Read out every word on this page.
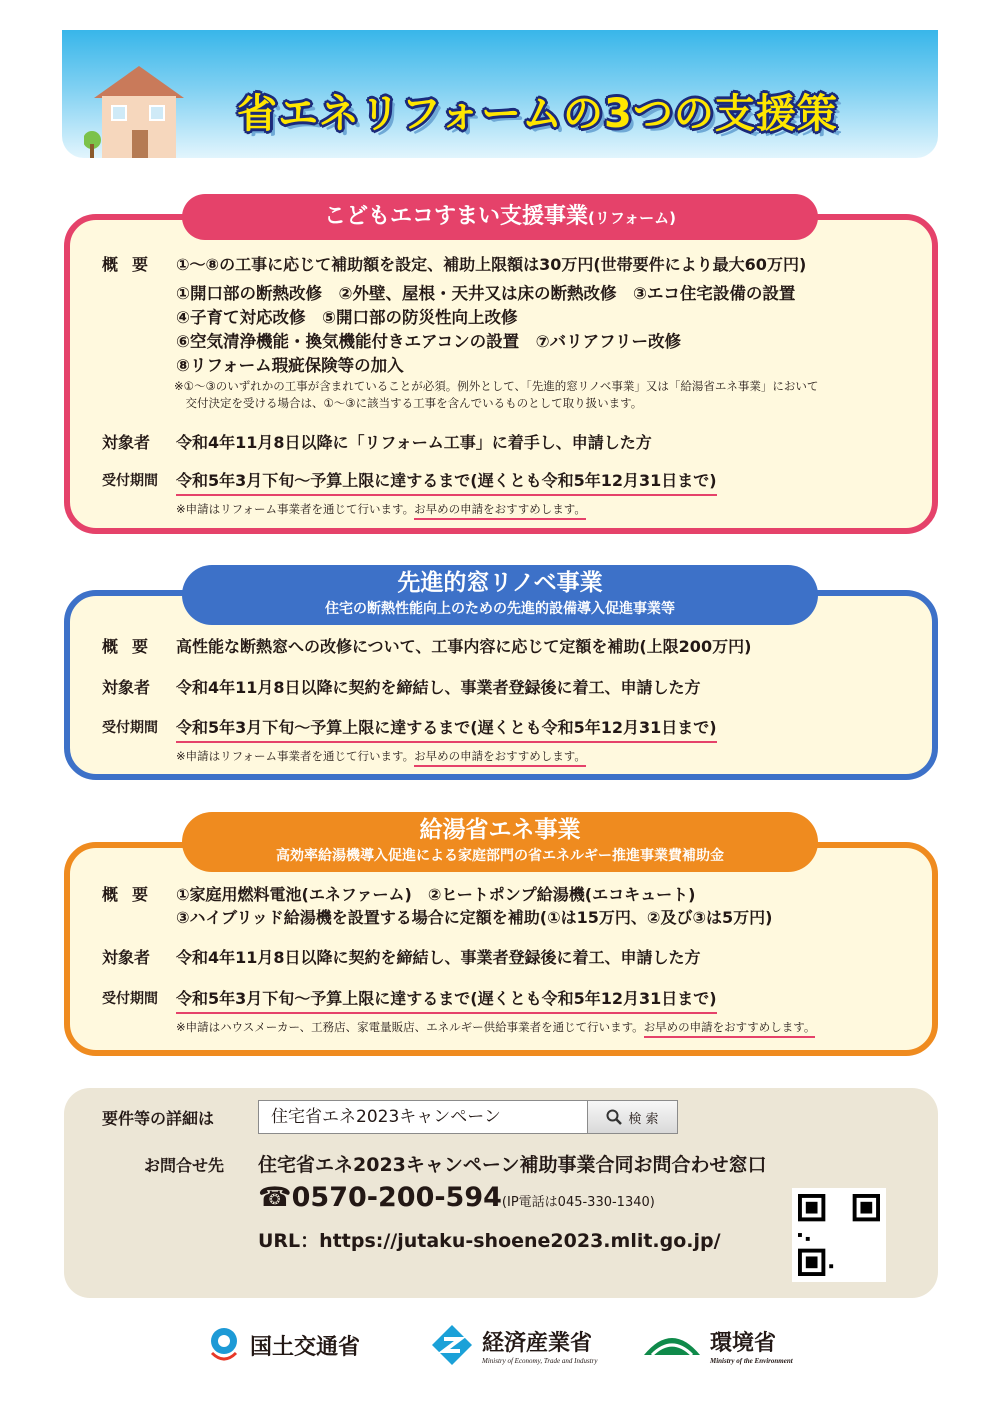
省エネリフォームの3つの支援策
こどもエコすまい支援事業(リフォーム)
概要 ①〜⑧の工事に応じて補助額を設定、補助上限額は30万円(世帯要件により最大60万円)
①開口部の断熱改修　②外壁、屋根・天井又は床の断熱改修　③エコ住宅設備の設置
④子育て対応改修　⑤開口部の防災性向上改修
⑥空気清浄機能・換気機能付きエアコンの設置　⑦バリアフリー改修
⑧リフォーム瑕疵保険等の加入
※①〜③のいずれかの工事が含まれていることが必須。例外として、「先進的窓リノベ事業」又は「給湯省エネ事業」において
　交付決定を受ける場合は、①〜③に該当する工事を含んでいるものとして取り扱います。
対象者	令和4年11月8日以降に「リフォーム工事」に着手し、申請した方
受付期間	令和5年3月下旬〜予算上限に達するまで(遅くとも令和5年12月31日まで)
※申請はリフォーム事業者を通じて行います。お早めの申請をおすすめします。
先進的窓リノベ事業
住宅の断熱性能向上のための先進的設備導入促進事業等
概要 高性能な断熱窓への改修について、工事内容に応じて定額を補助(上限200万円)
対象者	令和4年11月8日以降に契約を締結し、事業者登録後に着工、申請した方
受付期間	令和5年3月下旬〜予算上限に達するまで(遅くとも令和5年12月31日まで)
※申請はリフォーム事業者を通じて行います。お早めの申請をおすすめします。
給湯省エネ事業
高効率給湯機導入促進による家庭部門の省エネルギー推進事業費補助金
概要 ①家庭用燃料電池(エネファーム)　②ヒートポンプ給湯機(エコキュート)
③ハイブリッド給湯機を設置する場合に定額を補助(①は15万円、②及び③は5万円)
対象者	令和4年11月8日以降に契約を締結し、事業者登録後に着工、申請した方
受付期間	令和5年3月下旬〜予算上限に達するまで(遅くとも令和5年12月31日まで)
※申請はハウスメーカー、工務店、家電量販店、エネルギー供給事業者を通じて行います。お早めの申請をおすすめします。
要件等の詳細は	住宅省エネ2023キャンペーン	検 索
お問合せ先 住宅省エネ2023キャンペーン補助事業合同お問合わせ窓口
☎0570-200-594(IP電話は045-330-1340)
URL：https://jutaku-shoene2023.mlit.go.jp/
国土交通省	経済産業省
Ministry of Economy, Trade and Industry
環境省
Ministry of the Environment
